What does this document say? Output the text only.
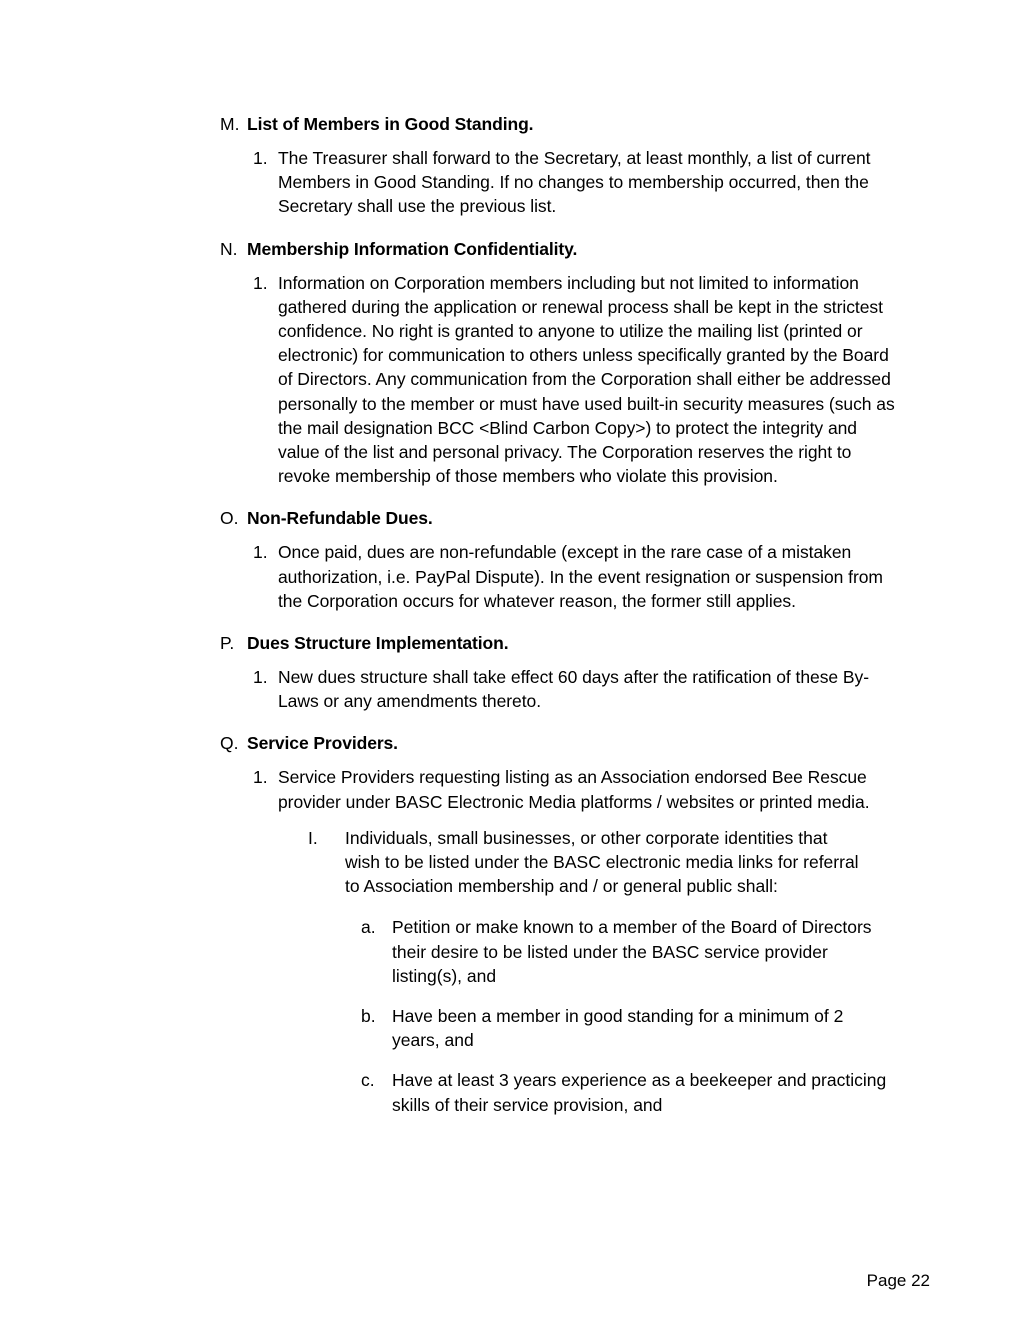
M. List of Members in Good Standing.
1. The Treasurer shall forward to the Secretary, at least monthly, a list of current Members in Good Standing. If no changes to membership occurred, then the Secretary shall use the previous list.
N. Membership Information Confidentiality.
1. Information on Corporation members including but not limited to information gathered during the application or renewal process shall be kept in the strictest confidence. No right is granted to anyone to utilize the mailing list (printed or electronic) for communication to others unless specifically granted by the Board of Directors. Any communication from the Corporation shall either be addressed personally to the member or must have used built-in security measures (such as the mail designation BCC <Blind Carbon Copy>) to protect the integrity and value of the list and personal privacy. The Corporation reserves the right to revoke membership of those members who violate this provision.
O. Non-Refundable Dues.
1. Once paid, dues are non-refundable (except in the rare case of a mistaken authorization, i.e. PayPal Dispute). In the event resignation or suspension from the Corporation occurs for whatever reason, the former still applies.
P. Dues Structure Implementation.
1. New dues structure shall take effect 60 days after the ratification of these By-Laws or any amendments thereto.
Q. Service Providers.
1. Service Providers requesting listing as an Association endorsed Bee Rescue provider under BASC Electronic Media platforms / websites or printed media.
I.	Individuals, small businesses, or other corporate identities that wish to be listed under the BASC electronic media links for referral to Association membership and / or general public shall:
a. Petition or make known to a member of the Board of Directors their desire to be listed under the BASC service provider listing(s), and
b. Have been a member in good standing for a minimum of 2 years, and
c. Have at least 3 years experience as a beekeeper and practicing skills of their service provision, and
Page 22
